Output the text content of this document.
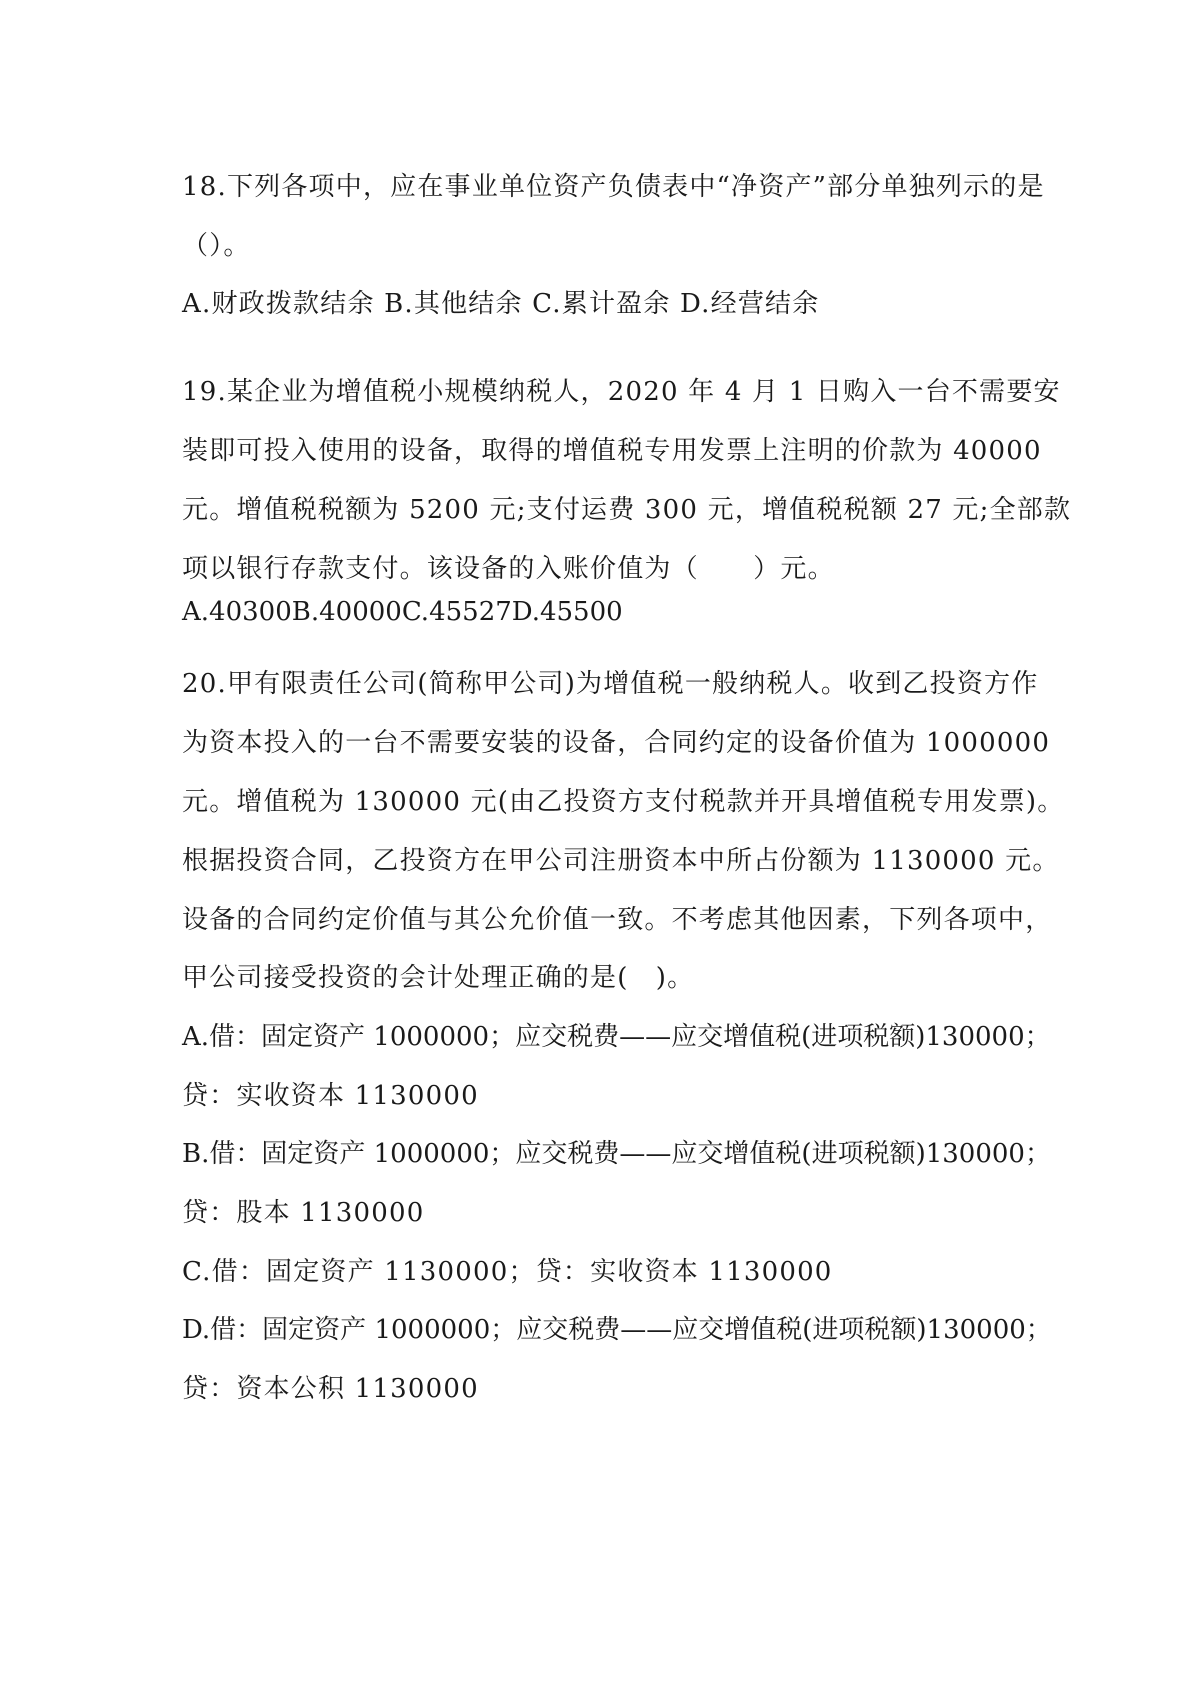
18.下列各项中，应在事业单位资产负债表中“净资产”部分单独列示的是
（）。
A.财政拨款结余 B.其他结余 C.累计盈余 D.经营结余
19.某企业为增值税小规模纳税人，2020 年 4 月 1 日购入一台不需要安
装即可投入使用的设备，取得的增值税专用发票上注明的价款为 40000
元。增值税税额为 5200 元;支付运费 300 元，增值税税额 27 元;全部款
项以银行存款支付。该设备的入账价值为（　　）元。
A.40300B.40000C.45527D.45500
20.甲有限责任公司(简称甲公司)为增值税一般纳税人。收到乙投资方作
为资本投入的一台不需要安装的设备，合同约定的设备价值为 1000000
元。增值税为 130000 元(由乙投资方支付税款并开具增值税专用发票)。
根据投资合同，乙投资方在甲公司注册资本中所占份额为 1130000 元。
设备的合同约定价值与其公允价值一致。不考虑其他因素，下列各项中，
甲公司接受投资的会计处理正确的是(　)。
A.借：固定资产 1000000；应交税费——应交增值税(进项税额)130000；
贷：实收资本 1130000
B.借：固定资产 1000000；应交税费——应交增值税(进项税额)130000；
贷：股本 1130000
C.借：固定资产 1130000；贷：实收资本 1130000
D.借：固定资产 1000000；应交税费——应交增值税(进项税额)130000；
贷：资本公积 1130000
